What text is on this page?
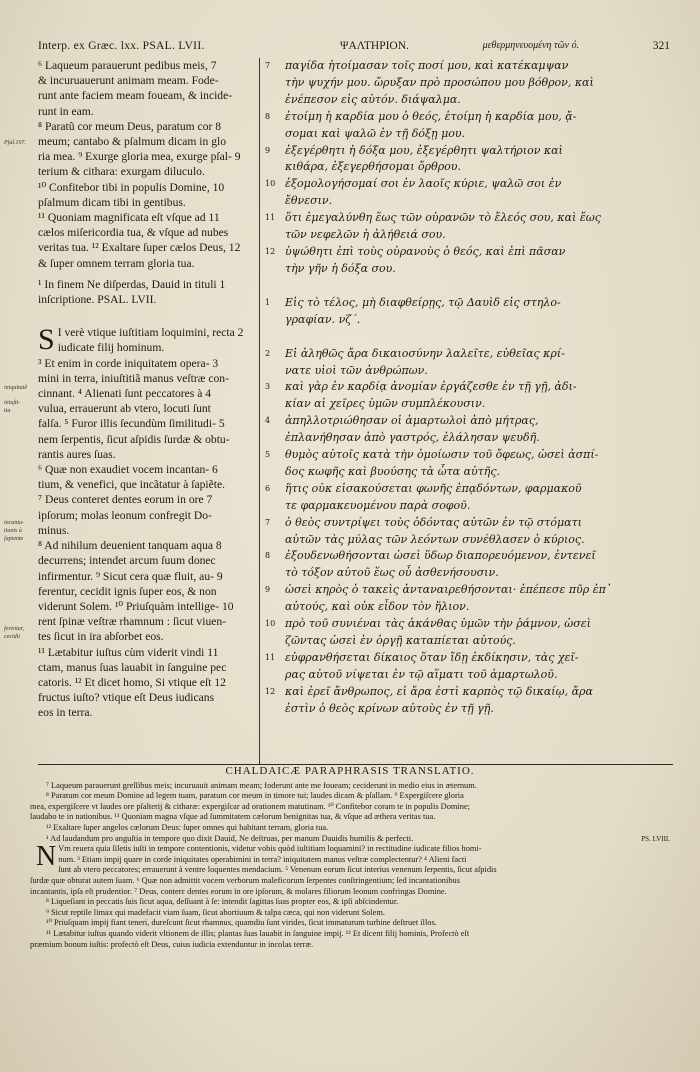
Interp. ex Græc. lxx. PSAL. LVII.	ΨΑΛΤΗΡΙΟΝ.	μεθερμηνευομένη τῶν ό.	321
Pſal.107.
iniquitatẽ
iniuſti-
tia
incanta-
tionis à
ſapiente
ferentur,
cecidit

⁶ Laqueum parauerunt pedibus meis, 7

& incuruauerunt animam meam. Fode-

runt ante faciem meam foueam, & incide-

runt in eam.

⁸ Paratũ cor meum Deus, paratum cor 8

meum; cantabo & pſalmum dicam in glo

ria mea. ⁹ Exurge gloria mea, exurge pſal- 9

terium & cithara: exurgam diluculo.

¹⁰ Confitebor tibi in populis Domine, 10

pſalmum dicam tibi in gentibus.

¹¹ Quoniam magnificata eſt vſque ad 11

cælos miſericordia tua, & vſque ad nubes

veritas tua. ¹² Exaltare ſuper cælos Deus, 12

& ſuper omnem terram gloria tua.

¹ In finem Ne diſperdas, Dauid in tituli 1

inſcriptione. PSAL. LVII.

S I verè vtique iuſtitiam loquimini, recta 2

iudicate filij hominum.

³ Et enim in corde iniquitatem opera- 3

mini in terra, iniuſtitiã manus veſtræ con-

cinnant. ⁴ Alienati ſunt peccatores à 4

vulua, errauerunt ab vtero, locuti ſunt

falſa. ⁵ Furor illis ſecundùm ſimilitudi- 5

nem ſerpentis, ſicut aſpidis ſurdæ & obtu-

rantis aures ſuas.

⁶ Quæ non exaudiet vocem incantan- 6

tium, & venefici, que incãtatur à ſapiẽte.

⁷ Deus conteret dentes eorum in ore 7

ipſorum; molas leonum confregit Do-

minus.

⁸ Ad nihilum deuenient tanquam aqua 8

decurrens; intendet arcum ſuum donec

infirmentur. ⁹ Sicut cera quæ fluit, au- 9

ferentur, cecidit ignis ſuper eos, & non

viderunt Solem. ¹⁰ Priuſquàm intellige- 10

rent ſpinæ veſtræ rhamnum : ſicut viuen-

tes ſicut in ira abſorbet eos.

¹¹ Lætabitur iuſtus cùm viderit vindi 11

ctam, manus ſuas lauabit in ſanguine pec

catoris. ¹² Et dicet homo, Si vtique eſt 12

fructus iuſto? vtique eſt Deus iudicans

eos in terra.

7 παγίδα ἡτοίμασαν τοῖς ποσί μου, καὶ κατέκαμψαν
τὴν ψυχήν μου. ὤρυξαν πρὸ προσώπου μου βόθρον, καὶ
ἐνέπεσον εἰς αὐτόν. διάψαλμα.
8 ἑτοίμη ἡ καρδία μου ὁ θεός, ἑτοίμη ἡ καρδία μου, ᾄ-
σομαι καὶ ψαλῶ ἐν τῇ δόξῃ μου.
9 ἐξεγέρθητι ἡ δόξα μου, ἐξεγέρθητι ψαλτήριον καὶ
κιθάρα, ἐξεγερθήσομαι ὄρθρου.
10 ἐξομολογήσομαί σοι ἐν λαοῖς κύριε, ψαλῶ σοι ἐν
ἔθνεσιν.
11 ὅτι ἐμεγαλύνθη ἕως τῶν οὐρανῶν τὸ ἔλεός σου, καὶ ἕως
τῶν νεφελῶν ἡ ἀλήθειά σου.
12 ὑψώθητι ἐπὶ τοὺς οὐρανοὺς ὁ θεός, καὶ ἐπὶ πᾶσαν
τὴν γῆν ἡ δόξα σου.
1 Εἰς τὸ τέλος, μὴ διαφθείρῃς, τῷ Δαυὶδ εἰς στηλο-
γραφίαν. νζ΄.
2 Εἰ ἀληθῶς ἄρα δικαιοσύνην λαλεῖτε, εὐθεῖας κρί-
νατε υἱοὶ τῶν ἀνθρώπων.
3 καὶ γὰρ ἐν καρδίᾳ ἀνομίαν ἐργάζεσθε ἐν τῇ γῇ, ἀδι-
κίαν αἱ χεῖρες ὑμῶν συμπλέκουσιν.
4 ἀπηλλοτριώθησαν οἱ ἁμαρτωλοὶ ἀπὸ μήτρας,
ἐπλανήθησαν ἀπὸ γαστρός, ἐλάλησαν ψευδῆ.
5 θυμὸς αὐτοῖς κατὰ τὴν ὁμοίωσιν τοῦ ὄφεως, ὡσεὶ ἀσπί-
δος κωφῆς καὶ βυούσης τὰ ὦτα αὐτῆς.
6 ἥτις οὐκ εἰσακούσεται φωνῆς ἐπᾳδόντων, φαρμακοῦ
τε φαρμακευομένου παρὰ σοφοῦ.
7 ὁ θεὸς συντρίψει τοὺς ὀδόντας αὐτῶν ἐν τῷ στόματι
αὐτῶν τὰς μύλας τῶν λεόντων συνέθλασεν ὁ κύριος.
8 ἐξουδενωθήσονται ὡσεὶ ὕδωρ διαπορευόμενον, ἐντενεῖ
τὸ τόξον αὐτοῦ ἕως οὗ ἀσθενήσουσιν.
9 ὡσεὶ κηρὸς ὁ τακεὶς ἀνταναιρεθήσονται· ἐπέπεσε πῦρ ἐπ᾽
αὐτούς, καὶ οὐκ εἶδον τὸν ἥλιον.
10 πρὸ τοῦ συνιέναι τὰς ἀκάνθας ὑμῶν τὴν ῥάμνον, ὡσεὶ
ζῶντας ὡσεὶ ἐν ὀργῇ καταπίεται αὐτούς.
11 εὐφρανθήσεται δίκαιος ὅταν ἴδῃ ἐκδίκησιν, τὰς χεῖ-
ρας αὐτοῦ νίψεται ἐν τῷ αἵματι τοῦ ἁμαρτωλοῦ.
12 καὶ ἐρεῖ ἄνθρωπος, εἰ ἄρα ἐστὶ καρπὸς τῷ δικαίῳ, ἄρα
ἐστὶν ὁ θεὸς κρίνων αὐτοὺς ἐν τῇ γῇ.
CHALDAICÆ PARAPHRASIS TRANSLATIO.
⁷ Laqueum parauerunt greſſibus meis; incuruauit animam meam; foderunt ante me foueam; ceciderunt in medio eius in æternum.
⁸ Paratum cor meum Domine ad legem tuam, paratum cor meum in timore tui; laudes dicam & pſallam. ⁹ Expergiſcere gloria
mea, expergiſcere vt laudes ore pſalterij & citharæ: expergiſcar ad orationem matutinam. ¹⁰ Confitebor coram te in populis Domine;
laudabo te in nationibus. ¹¹ Quoniam magna vſque ad ſummitatem cælorum benignitas tua, & vſque ad æthera veritas tua.
¹² Exaltare ſuper angelos cælorum Deus: ſuper omnes qui habitant terram, gloria tua.
PS. LVIII.
¹ Ad laudandum pro anguſtia in tempore quo dixit Dauid, Ne deſtruas, per manum Dauidis humilis & perfecti.
N Vm reuera quia ſiletis iuſti in tempore contentionis, videtur vobis quòd iuſtitiam loquamini? in rectitudine iudicate filios homi-
num. ³ Etiam impij quare in corde iniquitates operabimini in terra? iniquitatem manus veſtræ complectentur? ⁴ Alieni facti
ſunt ab vtero peccatores; errauerunt à ventre loquentes mendacium. ⁵ Venenum eorum ſicut interius venenum ſerpentis, ſicut aſpidis
ſurdæ quæ obturat autem ſuam. ⁶ Quæ non admittit vocem verborum maleficorum ſerpentes conſtringentium; ſed incantationibus
incantantis, ipſa eſt prudentior. ⁷ Deus, conterε dentes eorum in ore ipſorum, & molares filiorum leonum confringas Domine.
⁸ Liqueſiant in peccatis ſuis ſicut aqua, deſſuant à ſe: intendit ſagittas ſuas propter eos, & ipſi abſcindentur.
⁹ Sicut reptile limax qui madefacit viam ſuam, ſicut abortiuum & talpa cæca, qui non viderunt Solem.
¹⁰ Priuſquam impij fiant teneri, dureſcunt ſicut rhamnus, quamdiu ſunt virides, ſicut immaturum turbine deſtruet illos.
¹¹ Lætabitur iuſtus quando viderit vltionem de illis; plantas ſuas lauabit in ſanguine impij. ¹² Et dicent filij hominis, Profectò eſt
præmium bonum iuſtis: profectò eſt Deus, cuius iudicia extenduntur in incolas terræ.
